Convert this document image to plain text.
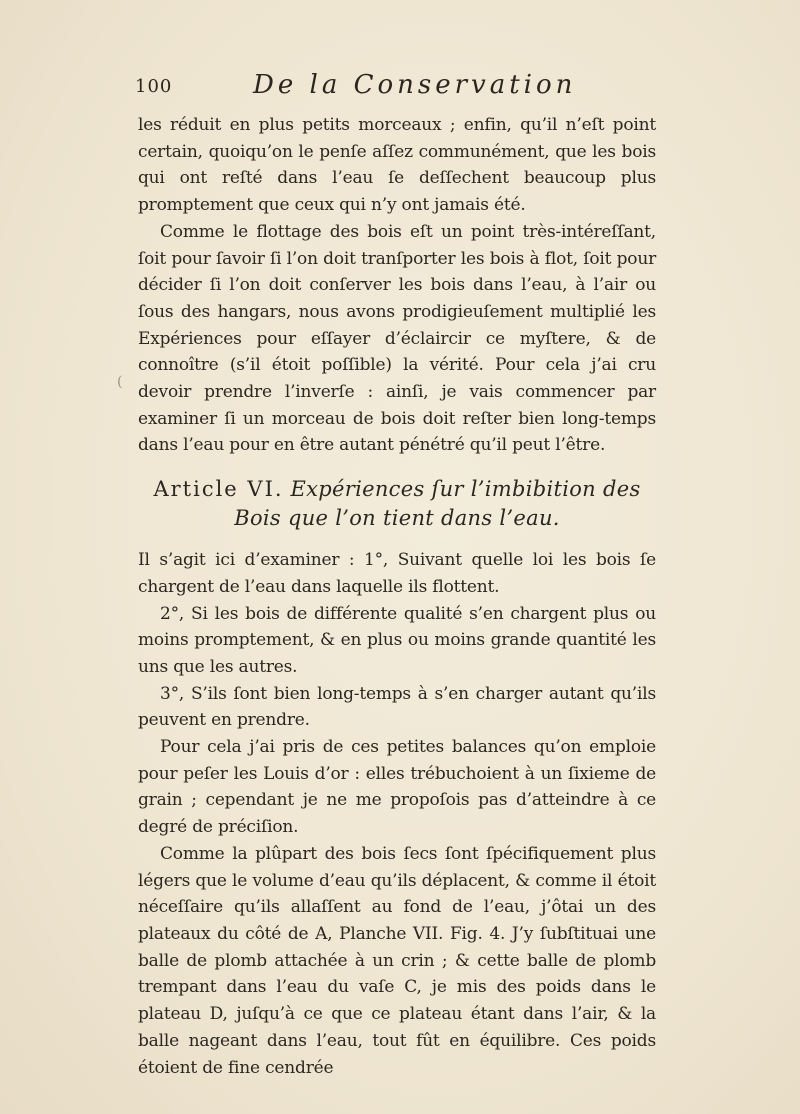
100	De la Conservation
(

les réduit en plus petits morceaux ; enfin, qu’il n’eſt point certain, quoiqu’on le penſe aſſez communément, que les bois qui ont reſté dans l’eau ſe deſſechent beaucoup plus promptement que ceux qui n’y ont jamais été.

Comme le flottage des bois eſt un point très-intéreſſant, ſoit pour ſavoir ſi l’on doit tranſporter les bois à flot, ſoit pour décider ſi l’on doit conſerver les bois dans l’eau, à l’air ou ſous des hangars, nous avons prodigieuſement multiplié les Expériences pour eſſayer d’éclaircir ce myſtere, & de connoître (s’il étoit poſſible) la vérité. Pour cela j’ai cru devoir prendre l’inverſe : ainſi, je vais commencer par examiner ſi un morceau de bois doit reſter bien long-temps dans l’eau pour en être autant pénétré qu’il peut l’être.

Article VI. Expériences ſur l’imbibition des Bois que l’on tient dans l’eau.

Il s’agit ici d’examiner : 1°, Suivant quelle loi les bois ſe chargent de l’eau dans laquelle ils flottent.

2°, Si les bois de différente qualité s’en chargent plus ou moins promptement, & en plus ou moins grande quantité les uns que les autres.

3°, S’ils ſont bien long-temps à s’en charger autant qu’ils peuvent en prendre.

Pour cela j’ai pris de ces petites balances qu’on emploie pour peſer les Louis d’or : elles trébuchoient à un ſixieme de grain ; cependant je ne me propoſois pas d’atteindre à ce degré de préciſion.

Comme la plûpart des bois ſecs ſont ſpécifiquement plus légers que le volume d’eau qu’ils déplacent, & comme il étoit néceſſaire qu’ils allaſſent au fond de l’eau, j’ôtai un des plateaux du côté de A, Planche VII. Fig. 4. J’y ſubſtituai une balle de plomb attachée à un crin ; & cette balle de plomb trempant dans l’eau du vaſe C, je mis des poids dans le plateau D, juſqu’à ce que ce plateau étant dans l’air, & la balle nageant dans l’eau, tout fût en équilibre. Ces poids étoient de fine cendrée
